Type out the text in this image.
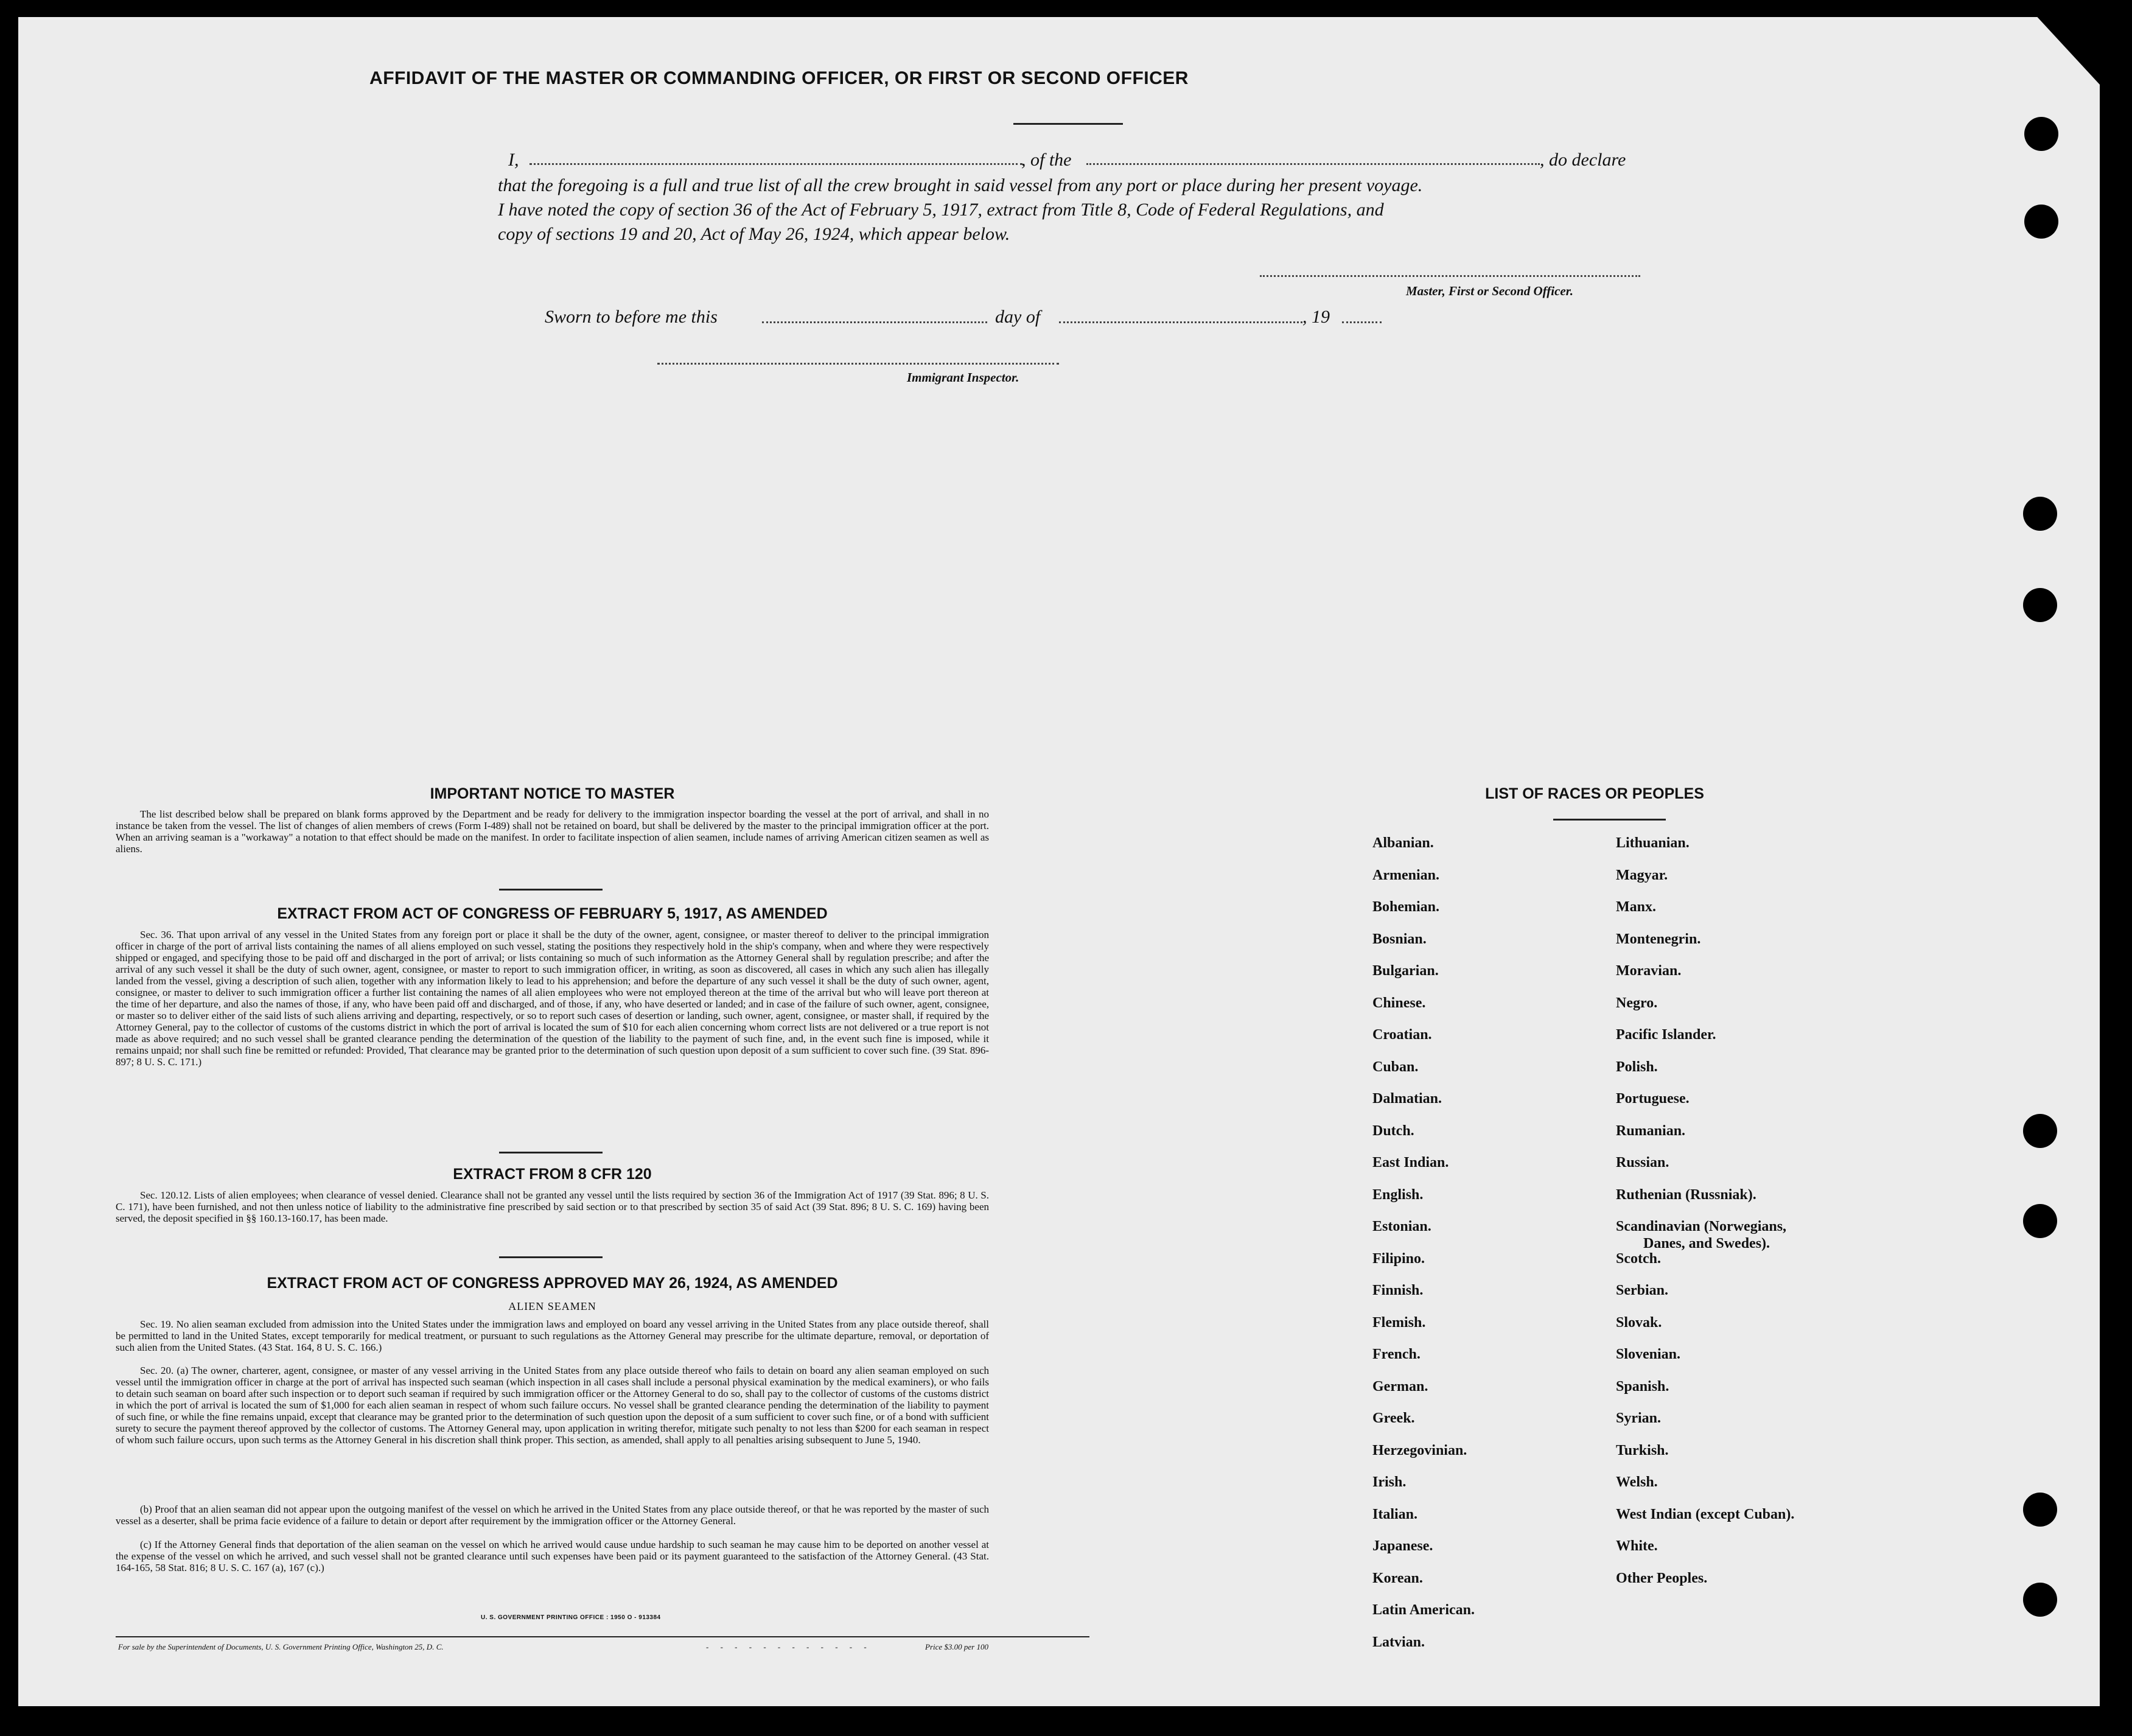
AFFIDAVIT OF THE MASTER OR COMMANDING OFFICER, OR FIRST OR SECOND OFFICER
I,	, of the	, do declare
that the foregoing is a full and true list of all the crew brought in said vessel from any port or place during her present voyage.
I have noted the copy of section 36 of the Act of February 5, 1917, extract from Title 8, Code of Federal Regulations, and
copy of sections 19 and 20, Act of May 26, 1924, which appear below.
Master, First or Second Officer.
Sworn to before me this	day of	, 19
Immigrant Inspector.
IMPORTANT NOTICE TO MASTER
The list described below shall be prepared on blank forms approved by the Department and be ready for delivery to the immigration inspector boarding the vessel at the port of arrival, and shall in no instance be taken from the vessel. The list of changes of alien members of crews (Form I-489) shall not be retained on board, but shall be delivered by the master to the principal immigration officer at the port. When an arriving seaman is a "workaway" a notation to that effect should be made on the manifest. In order to facilitate inspection of alien seamen, include names of arriving American citizen seamen as well as aliens.
EXTRACT FROM ACT OF CONGRESS OF FEBRUARY 5, 1917, AS AMENDED
Sec. 36. That upon arrival of any vessel in the United States from any foreign port or place it shall be the duty of the owner, agent, consignee, or master thereof to deliver to the principal immigration officer in charge of the port of arrival lists containing the names of all aliens employed on such vessel, stating the positions they respectively hold in the ship's company, when and where they were respectively shipped or engaged, and specifying those to be paid off and discharged in the port of arrival; or lists containing so much of such information as the Attorney General shall by regulation prescribe; and after the arrival of any such vessel it shall be the duty of such owner, agent, consignee, or master to report to such immigration officer, in writing, as soon as discovered, all cases in which any such alien has illegally landed from the vessel, giving a description of such alien, together with any information likely to lead to his apprehension; and before the departure of any such vessel it shall be the duty of such owner, agent, consignee, or master to deliver to such immigration officer a further list containing the names of all alien employees who were not employed thereon at the time of the arrival but who will leave port thereon at the time of her departure, and also the names of those, if any, who have been paid off and discharged, and of those, if any, who have deserted or landed; and in case of the failure of such owner, agent, consignee, or master so to deliver either of the said lists of such aliens arriving and departing, respectively, or so to report such cases of desertion or landing, such owner, agent, consignee, or master shall, if required by the Attorney General, pay to the collector of customs of the customs district in which the port of arrival is located the sum of $10 for each alien concerning whom correct lists are not delivered or a true report is not made as above required; and no such vessel shall be granted clearance pending the determination of the question of the liability to the payment of such fine, and, in the event such fine is imposed, while it remains unpaid; nor shall such fine be remitted or refunded: Provided, That clearance may be granted prior to the determination of such question upon deposit of a sum sufficient to cover such fine. (39 Stat. 896-897; 8 U. S. C. 171.)
EXTRACT FROM 8 CFR 120
Sec. 120.12. Lists of alien employees; when clearance of vessel denied. Clearance shall not be granted any vessel until the lists required by section 36 of the Immigration Act of 1917 (39 Stat. 896; 8 U. S. C. 171), have been furnished, and not then unless notice of liability to the administrative fine prescribed by said section or to that prescribed by section 35 of said Act (39 Stat. 896; 8 U. S. C. 169) having been served, the deposit specified in §§ 160.13-160.17, has been made.
EXTRACT FROM ACT OF CONGRESS APPROVED MAY 26, 1924, AS AMENDED
ALIEN SEAMEN
Sec. 19. No alien seaman excluded from admission into the United States under the immigration laws and employed on board any vessel arriving in the United States from any place outside thereof, shall be permitted to land in the United States, except temporarily for medical treatment, or pursuant to such regulations as the Attorney General may prescribe for the ultimate departure, removal, or deportation of such alien from the United States. (43 Stat. 164, 8 U. S. C. 166.)
Sec. 20. (a) The owner, charterer, agent, consignee, or master of any vessel arriving in the United States from any place outside thereof who fails to detain on board any alien seaman employed on such vessel until the immigration officer in charge at the port of arrival has inspected such seaman (which inspection in all cases shall include a personal physical examination by the medical examiners), or who fails to detain such seaman on board after such inspection or to deport such seaman if required by such immigration officer or the Attorney General to do so, shall pay to the collector of customs of the customs district in which the port of arrival is located the sum of $1,000 for each alien seaman in respect of whom such failure occurs. No vessel shall be granted clearance pending the determination of the liability to payment of such fine, or while the fine remains unpaid, except that clearance may be granted prior to the determination of such question upon the deposit of a sum sufficient to cover such fine, or of a bond with sufficient surety to secure the payment thereof approved by the collector of customs. The Attorney General may, upon application in writing therefor, mitigate such penalty to not less than $200 for each seaman in respect of whom such failure occurs, upon such terms as the Attorney General in his discretion shall think proper. This section, as amended, shall apply to all penalties arising subsequent to June 5, 1940.
(b) Proof that an alien seaman did not appear upon the outgoing manifest of the vessel on which he arrived in the United States from any place outside thereof, or that he was reported by the master of such vessel as a deserter, shall be prima facie evidence of a failure to detain or deport after requirement by the immigration officer or the Attorney General.
(c) If the Attorney General finds that deportation of the alien seaman on the vessel on which he arrived would cause undue hardship to such seaman he may cause him to be deported on another vessel at the expense of the vessel on which he arrived, and such vessel shall not be granted clearance until such expenses have been paid or its payment guaranteed to the satisfaction of the Attorney General. (43 Stat. 164-165, 58 Stat. 816; 8 U. S. C. 167 (a), 167 (c).)
U. S. GOVERNMENT PRINTING OFFICE : 1950 O - 913384
For sale by the Superintendent of Documents, U. S. Government Printing Office, Washington 25, D. C.	- - - - - - - - - - - -	Price $3.00 per 100
LIST OF RACES OR PEOPLES
Albanian.
Armenian.
Bohemian.
Bosnian.
Bulgarian.
Chinese.
Croatian.
Cuban.
Dalmatian.
Dutch.
East Indian.
English.
Estonian.
Filipino.
Finnish.
Flemish.
French.
German.
Greek.
Herzegovinian.
Irish.
Italian.
Japanese.
Korean.
Latin American.
Latvian.
Lithuanian.
Magyar.
Manx.
Montenegrin.
Moravian.
Negro.
Pacific Islander.
Polish.
Portuguese.
Rumanian.
Russian.
Ruthenian (Russniak).
Scandinavian (Norwegians,
Danes, and Swedes).
Scotch.
Serbian.
Slovak.
Slovenian.
Spanish.
Syrian.
Turkish.
Welsh.
West Indian (except Cuban).
White.
Other Peoples.
